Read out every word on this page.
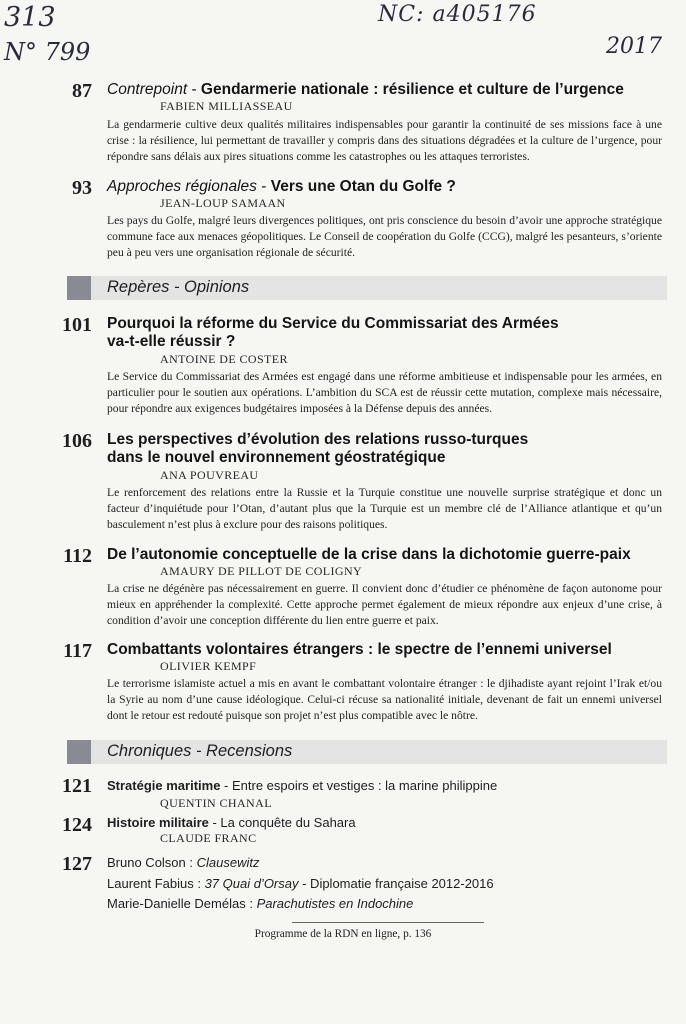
313
N° 799
NC: a405176
2017
87 Contrepoint - Gendarmerie nationale : résilience et culture de l’urgence
FABIEN MILLIASSEAU
La gendarmerie cultive deux qualités militaires indispensables pour garantir la continuité de ses missions face à une crise : la résilience, lui permettant de travailler y compris dans des situations dégradées et la culture de l’urgence, pour répondre sans délais aux pires situations comme les catastrophes ou les attaques terroristes.
93 Approches régionales - Vers une Otan du Golfe ?
JEAN-LOUP SAMAAN
Les pays du Golfe, malgré leurs divergences politiques, ont pris conscience du besoin d’avoir une approche stratégique commune face aux menaces géopolitiques. Le Conseil de coopération du Golfe (CCG), malgré les pesanteurs, s’oriente peu à peu vers une organisation régionale de sécurité.
Repères - Opinions
101 Pourquoi la réforme du Service du Commissariat des Armées
va-t-elle réussir ?
ANTOINE DE COSTER
Le Service du Commissariat des Armées est engagé dans une réforme ambitieuse et indispensable pour les armées, en particulier pour le soutien aux opérations. L’ambition du SCA est de réussir cette mutation, complexe mais nécessaire, pour répondre aux exigences budgétaires imposées à la Défense depuis des années.
106 Les perspectives d’évolution des relations russo-turques
dans le nouvel environnement géostratégique
ANA POUVREAU
Le renforcement des relations entre la Russie et la Turquie constitue une nouvelle surprise stratégique et donc un facteur d’inquiétude pour l’Otan, d’autant plus que la Turquie est un membre clé de l’Alliance atlantique et qu’un basculement n’est plus à exclure pour des raisons politiques.
112 De l’autonomie conceptuelle de la crise dans la dichotomie guerre-paix
AMAURY DE PILLOT DE COLIGNY
La crise ne dégénère pas nécessairement en guerre. Il convient donc d’étudier ce phénomène de façon autonome pour mieux en appréhender la complexité. Cette approche permet également de mieux répondre aux enjeux d’une crise, à condition d’avoir une conception différente du lien entre guerre et paix.
117 Combattants volontaires étrangers : le spectre de l’ennemi universel
OLIVIER KEMPF
Le terrorisme islamiste actuel a mis en avant le combattant volontaire étranger : le djihadiste ayant rejoint l’Irak et/ou la Syrie au nom d’une cause idéologique. Celui-ci récuse sa nationalité initiale, devenant de fait un ennemi universel dont le retour est redouté puisque son projet n’est plus compatible avec le nôtre.
Chroniques - Recensions
121 Stratégie maritime - Entre espoirs et vestiges : la marine philippine
QUENTIN CHANAL
124 Histoire militaire - La conquête du Sahara
CLAUDE FRANC
127 Bruno Colson : Clausewitz
Laurent Fabius : 37 Quai d’Orsay - Diplomatie française 2012-2016
Marie-Danielle Demélas : Parachutistes en Indochine
Programme de la RDN en ligne, p. 136
